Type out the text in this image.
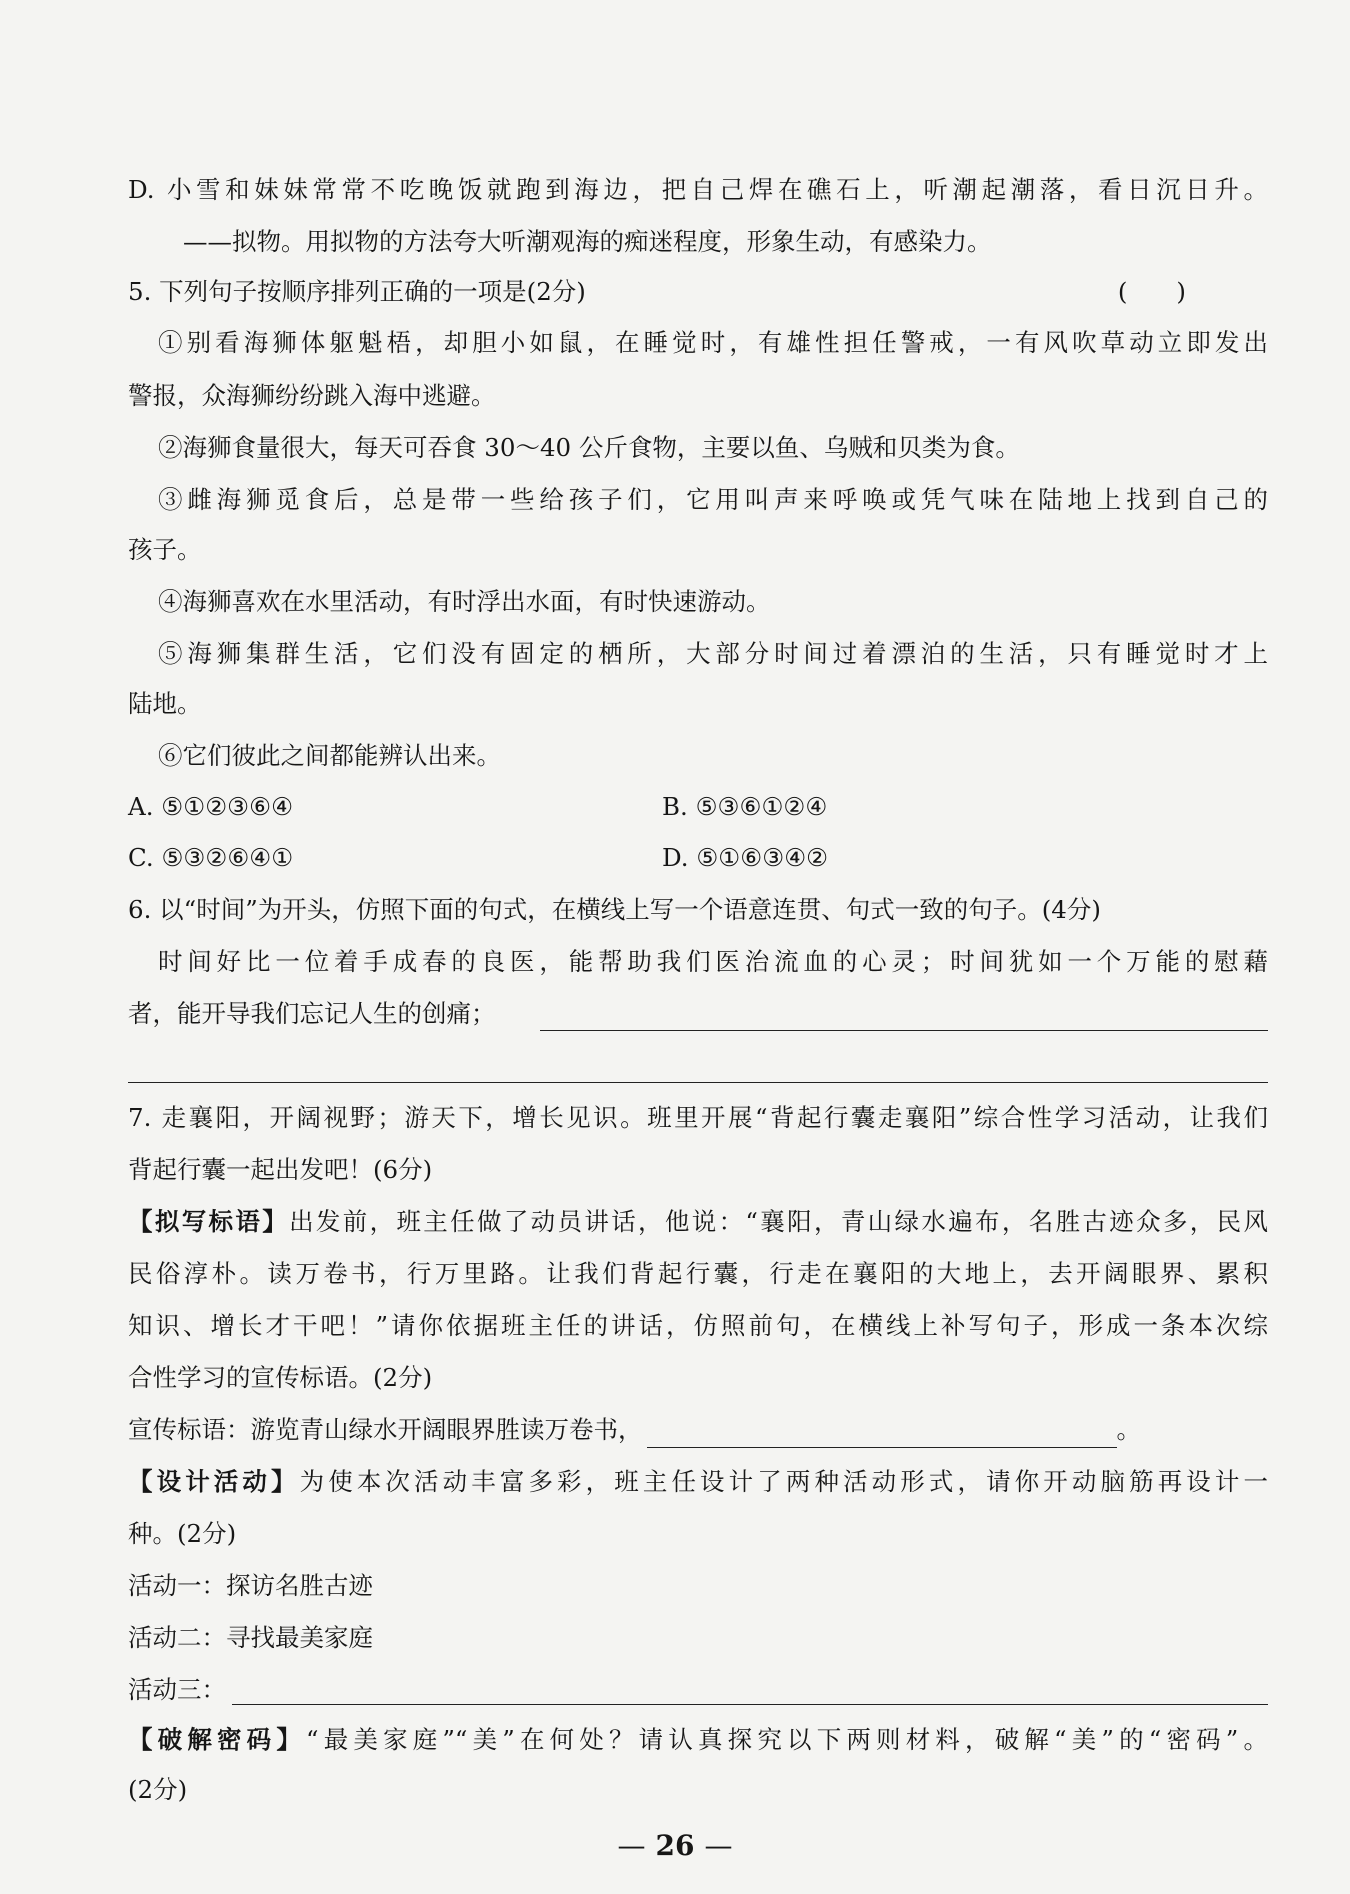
D. 小雪和妹妹常常不吃晚饭就跑到海边，把自己焊在礁石上，听潮起潮落，看日沉日升。
——拟物。用拟物的方法夸大听潮观海的痴迷程度，形象生动，有感染力。
5. 下列句子按顺序排列正确的一项是(2分)	(　　)
①别看海狮体躯魁梧，却胆小如鼠，在睡觉时，有雄性担任警戒，一有风吹草动立即发出
警报，众海狮纷纷跳入海中逃避。
②海狮食量很大，每天可吞食 30～40 公斤食物，主要以鱼、乌贼和贝类为食。
③雌海狮觅食后，总是带一些给孩子们，它用叫声来呼唤或凭气味在陆地上找到自己的
孩子。
④海狮喜欢在水里活动，有时浮出水面，有时快速游动。
⑤海狮集群生活，它们没有固定的栖所，大部分时间过着漂泊的生活，只有睡觉时才上
陆地。
⑥它们彼此之间都能辨认出来。
A. ⑤①②③⑥④	B. ⑤③⑥①②④
C. ⑤③②⑥④①	D. ⑤①⑥③④②
6. 以“时间”为开头，仿照下面的句式，在横线上写一个语意连贯、句式一致的句子。(4分)
时间好比一位着手成春的良医，能帮助我们医治流血的心灵；时间犹如一个万能的慰藉
者，能开导我们忘记人生的创痛；
7. 走襄阳，开阔视野；游天下，增长见识。班里开展“背起行囊走襄阳”综合性学习活动，让我们
背起行囊一起出发吧！(6分)
【拟写标语】出发前，班主任做了动员讲话，他说：“襄阳，青山绿水遍布，名胜古迹众多，民风
民俗淳朴。读万卷书，行万里路。让我们背起行囊，行走在襄阳的大地上，去开阔眼界、累积
知识、增长才干吧！”请你依据班主任的讲话，仿照前句，在横线上补写句子，形成一条本次综
合性学习的宣传标语。(2分)
宣传标语：游览青山绿水开阔眼界胜读万卷书，	。
【设计活动】为使本次活动丰富多彩，班主任设计了两种活动形式，请你开动脑筋再设计一
种。(2分)
活动一：探访名胜古迹
活动二：寻找最美家庭
活动三：
【破解密码】“最美家庭”“美”在何处？请认真探究以下两则材料，破解“美”的“密码”。
(2分)
— 26 —
